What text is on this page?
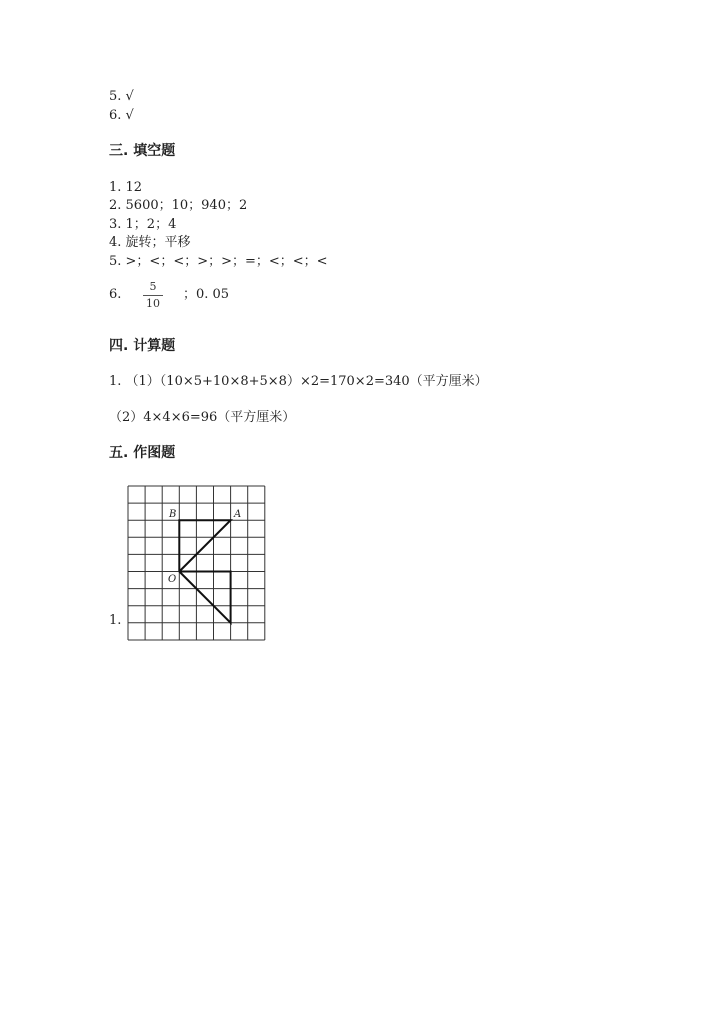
5. √
6. √
三. 填空题
1. 12
2. 5600；10；940；2
3. 1；2；4
4. 旋转；平移
5. >；<；<；>；>；=；<；<；<
6.
5
10
；0. 05
四. 计算题
1. （1）（10×5+10×8+5×8）×2=170×2=340（平方厘米）
（2）4×4×6=96（平方厘米）
五. 作图题
1.
B	A
O
